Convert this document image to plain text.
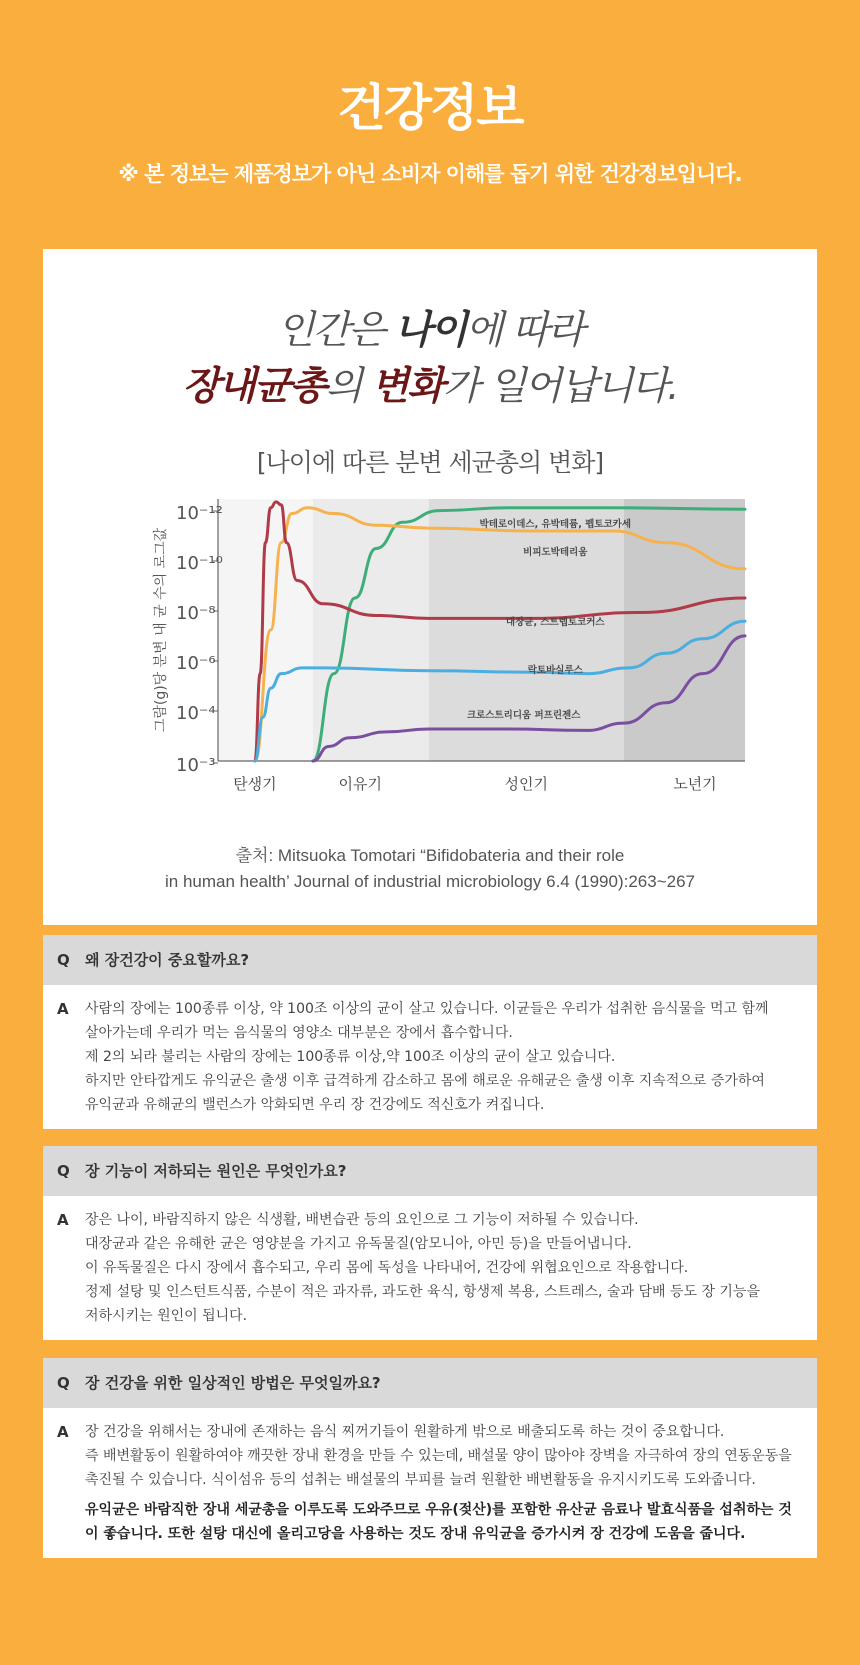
건강정보
※ 본 정보는 제품정보가 아닌 소비자 이해를 돕기 위한 건강정보입니다.
인간은 나이에 따라
장내균총의 변화가 일어납니다.
[나이에 따른 분변 세균총의 변화]
10⁻¹²
10⁻¹⁰
10⁻⁸
10⁻⁶
10⁻⁴
10⁻³
탄생기	이유기	성인기	노년기
그람(g)당 분변 내 균 수의 로그값
박테로이데스, 유박테륨, 펩토코카세
비피도박테리움
대장균, 스트렙토코커스
락토바실루스
크로스트리디움 퍼프린젠스
출처: Mitsuoka Tomotari “Bifidobateria and their role
in human health’ Journal of industrial microbiology 6.4 (1990):263~267
Q 왜 장건강이 중요할까요?
A	사람의 장에는 100종류 이상, 약 100조 이상의 균이 살고 있습니다. 이균들은 우리가 섭취한 음식물을 먹고 함께

살아가는데 우리가 먹는 음식물의 영양소 대부분은 장에서 흡수합니다.

제 2의 뇌라 불리는 사람의 장에는 100종류 이상,약 100조 이상의 균이 살고 있습니다.

하지만 안타깝게도 유익균은 출생 이후 급격하게 감소하고 몸에 해로운 유해균은 출생 이후 지속적으로 증가하여

유익균과 유해균의 밸런스가 악화되면 우리 장 건강에도 적신호가 켜집니다.

Q 장 기능이 저하되는 원인은 무엇인가요?
A	장은 나이, 바람직하지 않은 식생활, 배변습관 등의 요인으로 그 기능이 저하될 수 있습니다.

대장균과 같은 유해한 균은 영양분을 가지고 유독물질(암모니아, 아민 등)을 만들어냅니다.

이 유독물질은 다시 장에서 흡수되고, 우리 몸에 독성을 나타내어, 건강에 위협요인으로 작용합니다.

정제 설탕 및 인스턴트식품, 수분이 적은 과자류, 과도한 육식, 항생제 복용, 스트레스, 술과 담배 등도 장 기능을

저하시키는 원인이 됩니다.

Q 장 건강을 위한 일상적인 방법은 무엇일까요?
A	장 건강을 위해서는 장내에 존재하는 음식 찌꺼기들이 원활하게 밖으로 배출되도록 하는 것이 중요합니다.

즉 배변활동이 원활하여야 깨끗한 장내 환경을 만들 수 있는데, 배설물 양이 많아야 장벽을 자극하여 장의 연동운동을

촉진될 수 있습니다. 식이섬유 등의 섭취는 배설물의 부피를 늘려 원활한 배변활동을 유지시키도록 도와줍니다.

유익균은 바람직한 장내 세균총을 이루도록 도와주므로 우유(젖산)를 포함한 유산균 음료나 발효식품을 섭취하는 것이 좋습니다. 또한 설탕 대신에 올리고당을 사용하는 것도 장내 유익균을 증가시켜 장 건강에 도움을 줍니다.
